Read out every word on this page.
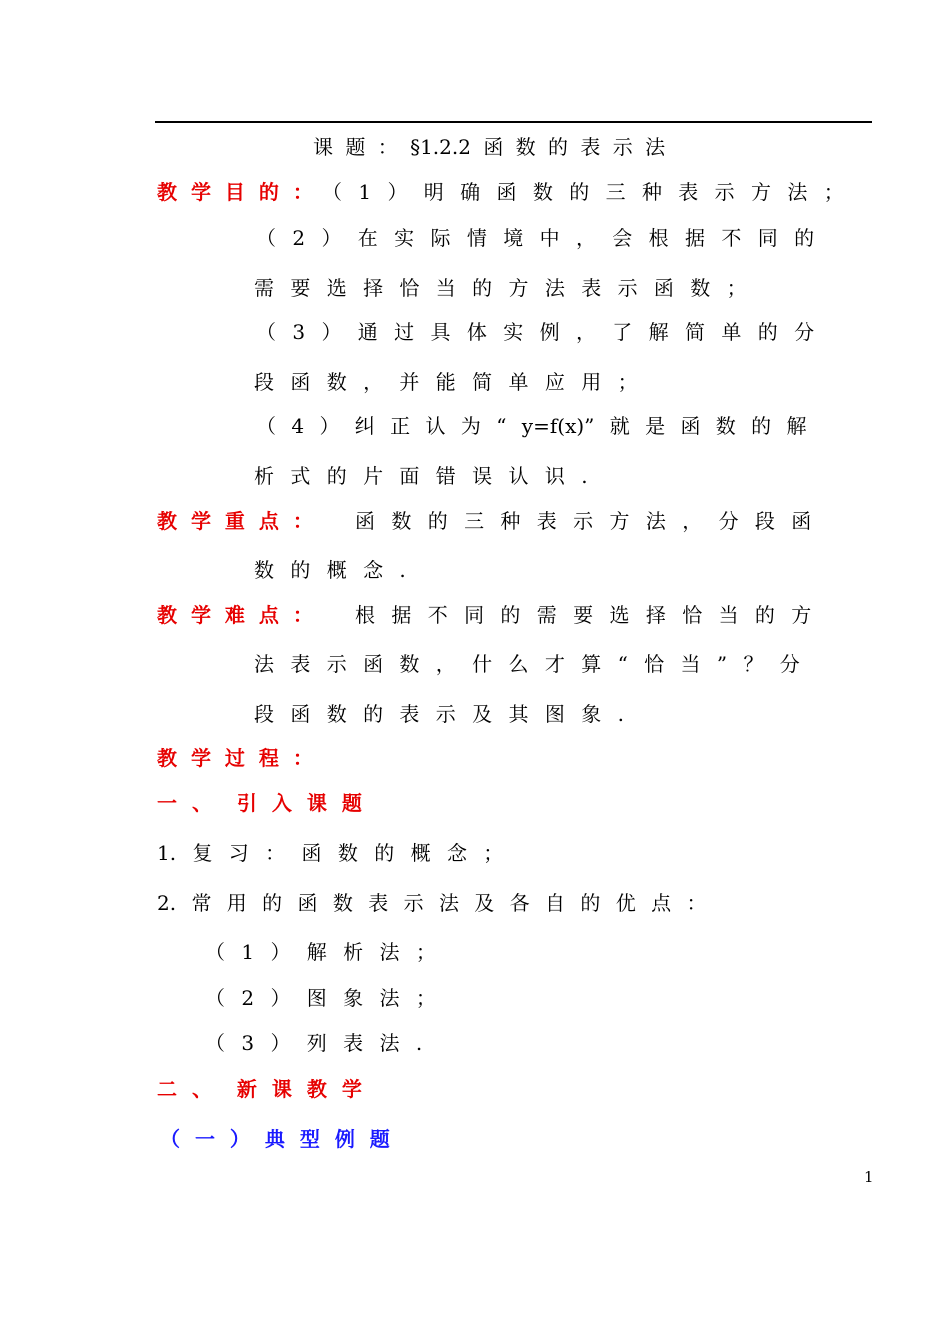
课 题 ： §1.2.2 函 数 的 表 示 法
教 学 目 的 ： （ 1 ） 明 确 函 数 的 三 种 表 示 方 法 ；
（ 2 ） 在 实 际 情 境 中 ， 会 根 据 不 同 的
需 要 选 择 恰 当 的 方 法 表 示 函 数 ；
（ 3 ） 通 过 具 体 实 例 ， 了 解 简 单 的 分
段 函 数 ， 并 能 简 单 应 用 ；
（ 4 ） 纠 正 认 为 “ y=f(x)” 就 是 函 数 的 解
析 式 的 片 面 错 误 认 识 .
教 学 重 点 ： 函 数 的 三 种 表 示 方 法 ， 分 段 函
数 的 概 念 .
教 学 难 点 ： 根 据 不 同 的 需 要 选 择 恰 当 的 方
法 表 示 函 数 ， 什 么 才 算 “ 恰 当 ” ？ 分
段 函 数 的 表 示 及 其 图 象 .
教 学 过 程 ：
一 、　 引 入 课 题
1. 复 习 ： 函 数 的 概 念 ；
2. 常 用 的 函 数 表 示 法 及 各 自 的 优 点 ：
（ 1 ） 解 析 法 ；
（ 2 ） 图 象 法 ；
（ 3 ） 列 表 法 .
二 、　 新 课 教 学
（ 一 ） 典 型 例 题
1
